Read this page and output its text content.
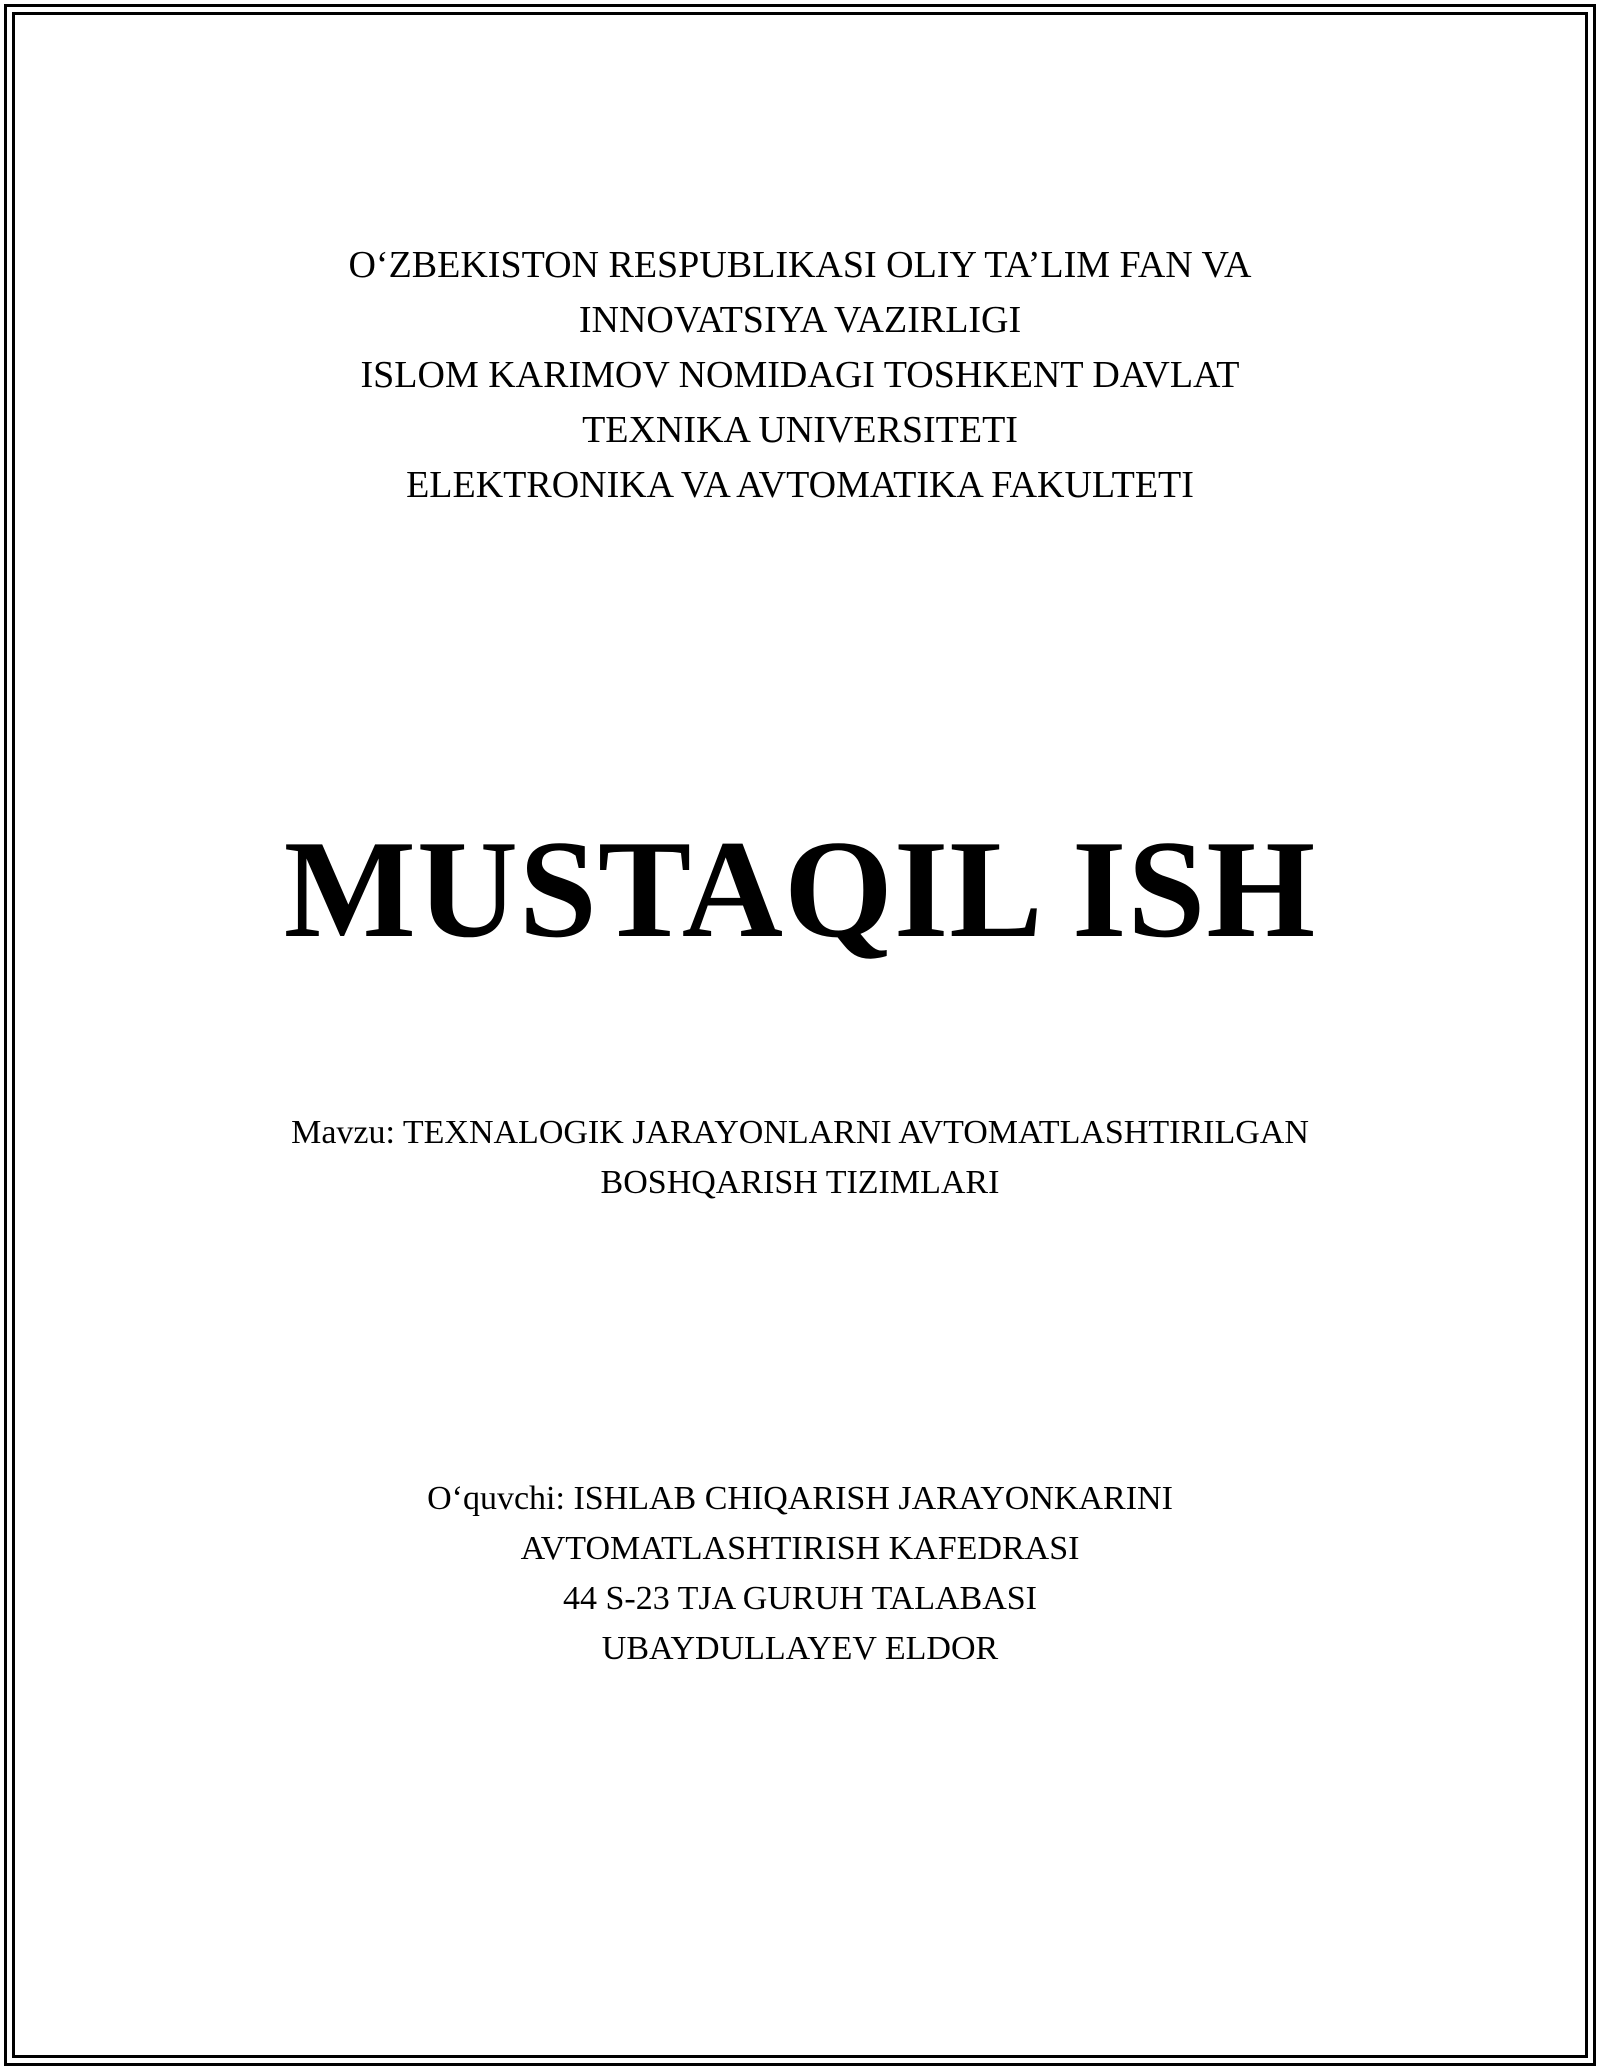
O‘ZBEKISTON RESPUBLIKASI OLIY TA’LIM FAN VA
INNOVATSIYA VAZIRLIGI
ISLOM KARIMOV NOMIDAGI TOSHKENT DAVLAT
TEXNIKA UNIVERSITETI
ELEKTRONIKA VA AVTOMATIKA FAKULTETI
MUSTAQIL ISH
Mavzu: TEXNALOGIK JARAYONLARNI AVTOMATLASHTIRILGAN
BOSHQARISH TIZIMLARI
O‘quvchi: ISHLAB CHIQARISH JARAYONKARINI
AVTOMATLASHTIRISH KAFEDRASI
44 S-23 TJA GURUH TALABASI
UBAYDULLAYEV ELDOR
